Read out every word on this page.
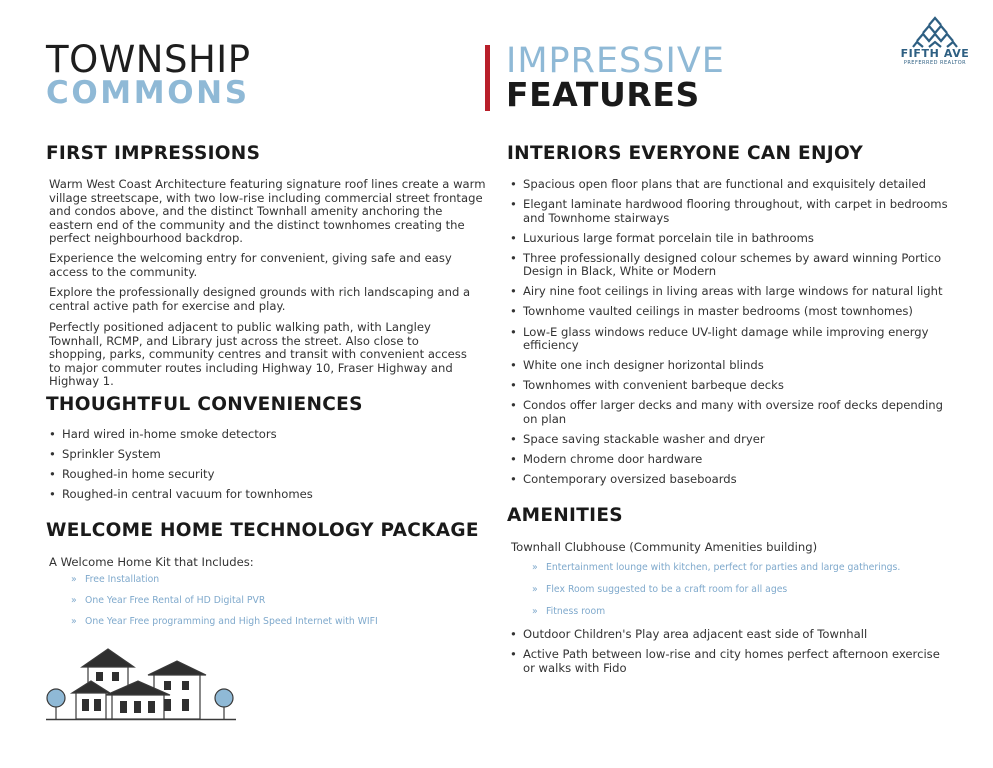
TOWNSHIP
COMMONS
IMPRESSIVE
FEATURES
FIFTH AVE
PREFERRED REALTOR
FIRST IMPRESSIONS

Warm West Coast Architecture featuring signature roof lines create a warm village streetscape, with two low-rise including commercial street frontage and condos above, and the distinct Townhall amenity anchoring the eastern end of the community and the distinct townhomes creating the perfect neighbourhood backdrop.

Experience the welcoming entry for convenient, giving safe and easy access to the community.

Explore the professionally designed grounds with rich landscaping and a central active path for exercise and play.

Perfectly positioned adjacent to public walking path, with Langley Townhall, RCMP, and Library just across the street. Also close to shopping, parks, community centres and transit with convenient access to major commuter routes including Highway 10, Fraser Highway and Highway 1.

THOUGHTFUL CONVENIENCES
• Hard wired in-home smoke detectors
• Sprinkler System
• Roughed-in home security
• Roughed-in central vacuum for townhomes
WELCOME HOME TECHNOLOGY PACKAGE
A Welcome Home Kit that Includes:
» Free Installation
» One Year Free Rental of HD Digital PVR
» One Year Free programming and High Speed Internet with WIFI
INTERIORS EVERYONE CAN ENJOY
• Spacious open floor plans that are functional and exquisitely detailed
• Elegant laminate hardwood flooring throughout, with carpet in bedrooms and Townhome stairways
• Luxurious large format porcelain tile in bathrooms
• Three professionally designed colour schemes by award winning Portico Design in Black, White or Modern
• Airy nine foot ceilings in living areas with large windows for natural light
• Townhome vaulted ceilings in master bedrooms (most townhomes)
• Low-E glass windows reduce UV-light damage while improving energy efficiency
• White one inch designer horizontal blinds
• Townhomes with convenient barbeque decks
• Condos offer larger decks and many with oversize roof decks depending on plan
• Space saving stackable washer and dryer
• Modern chrome door hardware
• Contemporary oversized baseboards
AMENITIES
Townhall Clubhouse (Community Amenities building)
» Entertainment lounge with kitchen, perfect for parties and large gatherings.
» Flex Room suggested to be a craft room for all ages
» Fitness room
• Outdoor Children's Play area adjacent east side of Townhall
• Active Path between low-rise and city homes perfect afternoon exercise or walks with Fido
